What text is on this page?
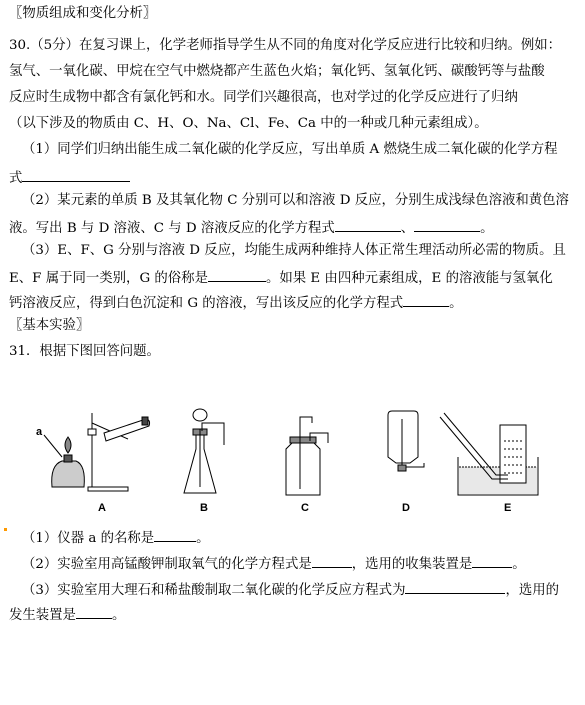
〖物质组成和变化分析〗
30.（5分）在复习课上，化学老师指导学生从不同的角度对化学反应进行比较和归纳。例如：
氢气、一氧化碳、甲烷在空气中燃烧都产生蓝色火焰；氧化钙、氢氧化钙、碳酸钙等与盐酸
反应时生成物中都含有氯化钙和水。同学们兴趣很高，也对学过的化学反应进行了归纳
（以下涉及的物质由 C、H、O、Na、Cl、Fe、Ca 中的一种或几种元素组成）。
（1）同学们归纳出能生成二氧化碳的化学反应，写出单质 A 燃烧生成二氧化碳的化学方程
式
（2）某元素的单质 B 及其氧化物 C 分别可以和溶液 D 反应，分别生成浅绿色溶液和黄色溶
液。写出 B 与 D 溶液、C 与 D 溶液反应的化学方程式	、	。
（3）E、F、G 分别与溶液 D 反应，均能生成两种维持人体正常生理活动所必需的物质。且
E、F 属于同一类别，G 的俗称是	。如果 E 由四种元素组成，E 的溶液能与氢氧化
钙溶液反应，得到白色沉淀和 G 的溶液，写出该反应的化学方程式	。
〖基本实验〗
31．根据下图回答问题。
a
A	B	C	D	E
（1）仪器 a 的名称是	。
（2）实验室用高锰酸钾制取氧气的化学方程式是	，选用的收集装置是	。
（3）实验室用大理石和稀盐酸制取二氧化碳的化学反应方程式为	，选用的
发生装置是	。
